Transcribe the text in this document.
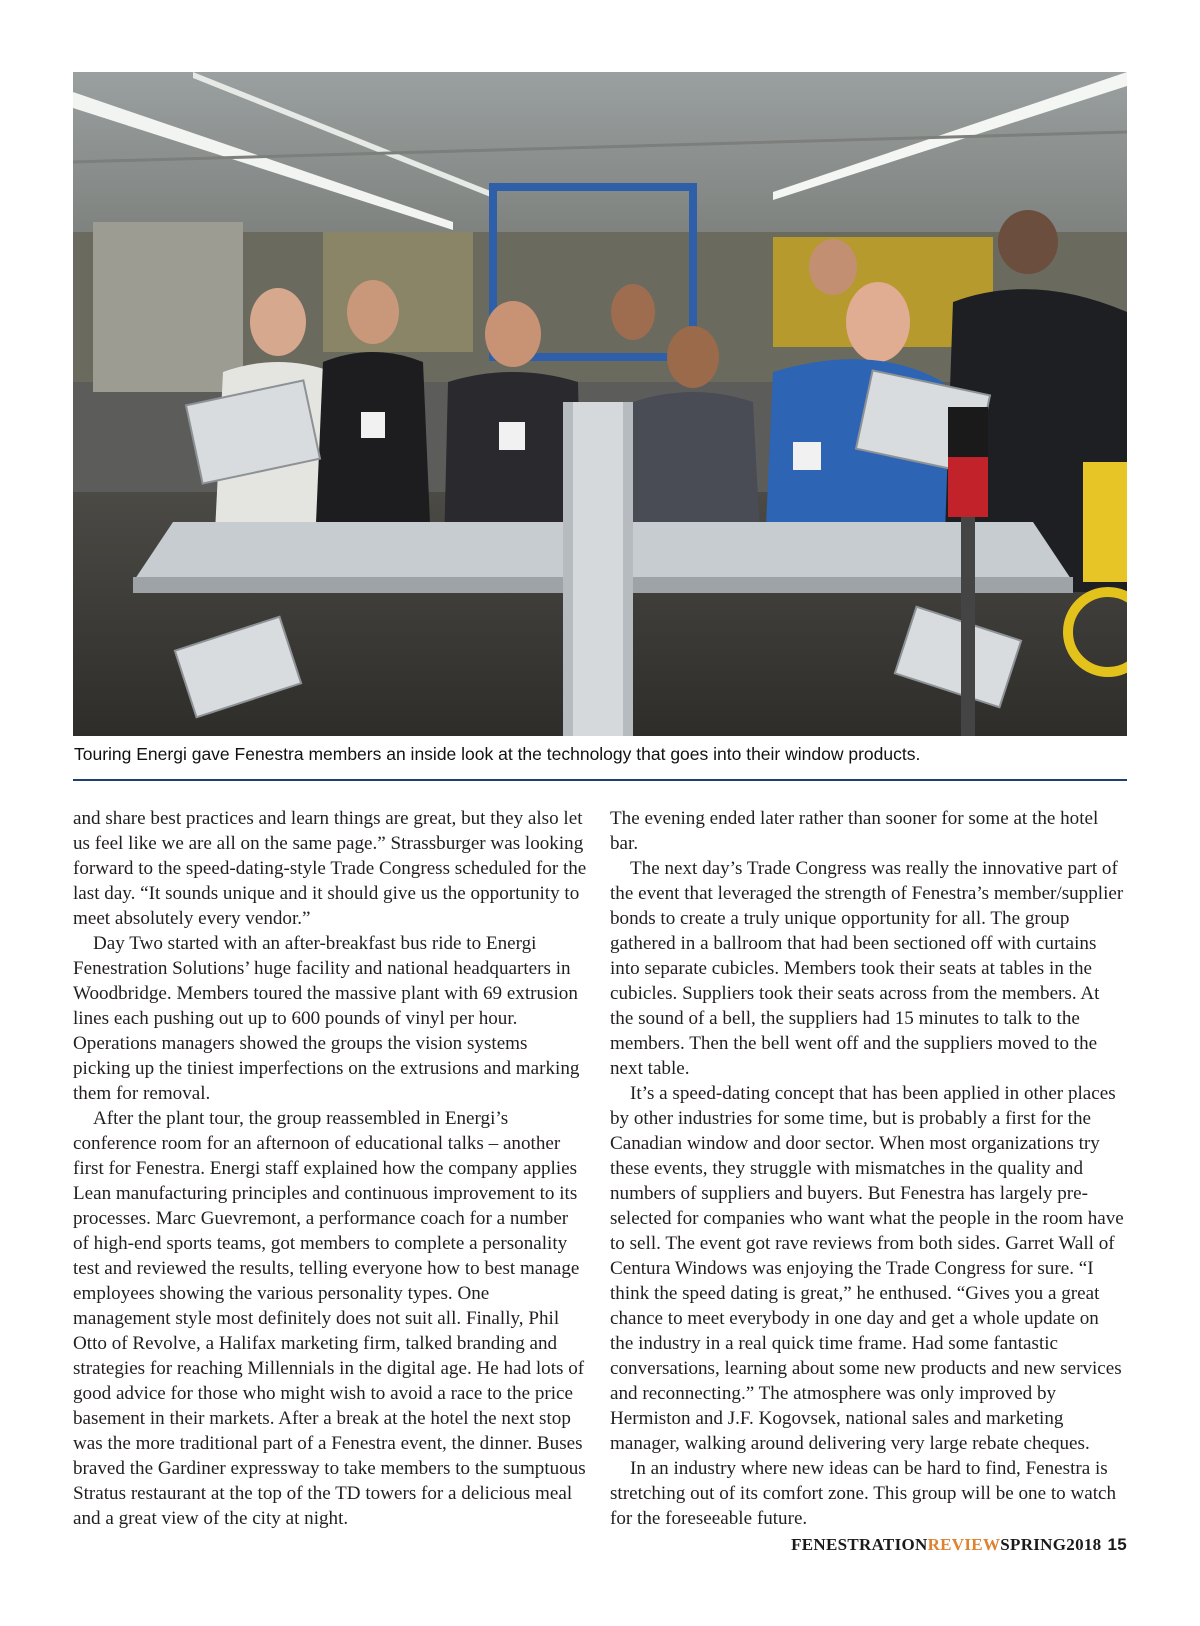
Touring Energi gave Fenestra members an inside look at the technology that goes into their window products.

and share best practices and learn things are great, but they also let us feel like we are all on the same page.” Strassburger was looking forward to the speed-dating-style Trade Congress scheduled for the last day. “It sounds unique and it should give us the opportunity to meet absolutely every vendor.”

Day Two started with an after-breakfast bus ride to Energi Fenestration Solutions’ huge facility and national headquarters in Woodbridge. Members toured the massive plant with 69 extrusion lines each pushing out up to 600 pounds of vinyl per hour. Operations managers showed the groups the vision systems picking up the tiniest imperfections on the extrusions and marking them for removal.

After the plant tour, the group reassembled in Energi’s conference room for an afternoon of educational talks – another first for Fenestra. Energi staff explained how the company applies Lean manufacturing principles and continuous improvement to its processes. Marc Guevremont, a performance coach for a number of high-end sports teams, got members to complete a personality test and reviewed the results, telling everyone how to best manage employees showing the various personality types. One management style most definitely does not suit all. Finally, Phil Otto of Revolve, a Halifax marketing firm, talked branding and strategies for reaching Millennials in the digital age. He had lots of good advice for those who might wish to avoid a race to the price basement in their markets. After a break at the hotel the next stop was the more traditional part of a Fenestra event, the dinner. Buses braved the Gardiner expressway to take members to the sumptuous Stratus restaurant at the top of the TD towers for a delicious meal and a great view of the city at night.

The evening ended later rather than sooner for some at the hotel bar.

The next day’s Trade Congress was really the innovative part of the event that leveraged the strength of Fenestra’s member/supplier bonds to create a truly unique opportunity for all. The group gathered in a ballroom that had been sectioned off with curtains into separate cubicles. Members took their seats at tables in the cubicles. Suppliers took their seats across from the members. At the sound of a bell, the suppliers had 15 minutes to talk to the members. Then the bell went off and the suppliers moved to the next table.

It’s a speed-dating concept that has been applied in other places by other industries for some time, but is probably a first for the Canadian window and door sector. When most organizations try these events, they struggle with mismatches in the quality and numbers of suppliers and buyers. But Fenestra has largely pre-selected for companies who want what the people in the room have to sell. The event got rave reviews from both sides. Garret Wall of Centura Windows was enjoying the Trade Congress for sure. “I think the speed dating is great,” he enthused. “Gives you a great chance to meet everybody in one day and get a whole update on the industry in a real quick time frame. Had some fantastic conversations, learning about some new products and new services and reconnecting.” The atmosphere was only improved by Hermiston and J.F. Kogovsek, national sales and marketing manager, walking around delivering very large rebate cheques.

In an industry where new ideas can be hard to find, Fenestra is stretching out of its comfort zone. This group will be one to watch for the foreseeable future.

FENESTRATIONREVIEWSPRING2018 15
